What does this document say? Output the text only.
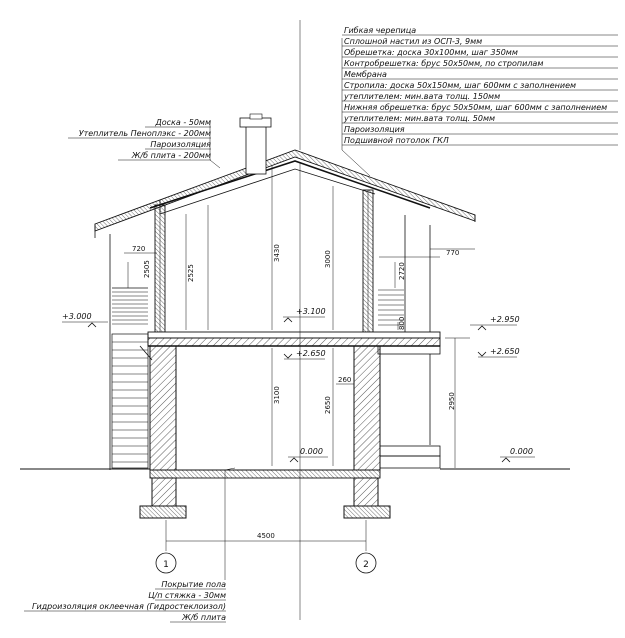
Гибкая черепица
Сплошной настил из ОСП-3, 9мм
Обрешетка: доска 30х100мм, шаг 350мм
Контробрешетка: брус 50х50мм, по стропилам
Мембрана
Стропила: доска 50х150мм, шаг 600мм с заполнением
утеплителем: мин.вата толщ. 150мм
Нижняя обрешетка: брус 50х50мм, шаг 600мм с заполнением
утеплителем: мин.вата толщ. 50мм
Пароизоляция
Подшивной потолок ГКЛ
Доска - 50мм
Утеплитель Пеноплэкс - 200мм
Пароизоляция
Ж/б плита - 200мм
Покрытие пола
Ц/п стяжка - 30мм
Гидроизоляция оклеечная (Гидростеклоизол)
Ж/б плита
+3.000
+3.100
+2.650
0.000
+2.950
+2.650
0.000
720	770
2505	2525
3430	3000
2720
800
3100
2650
260
2950
4500
1	2
